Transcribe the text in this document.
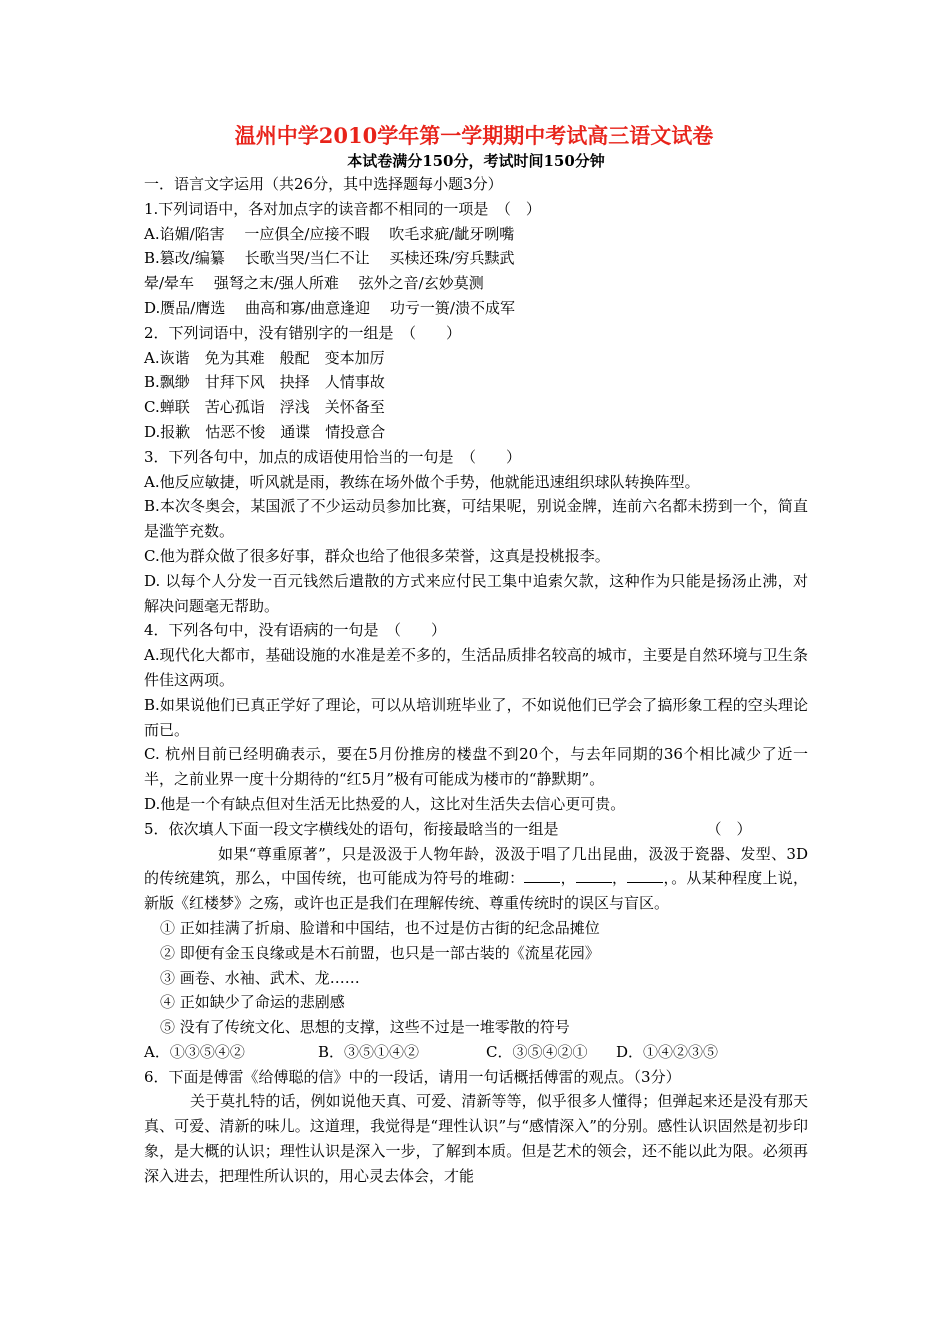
温州中学2010学年第一学期期中考试高三语文试卷
本试卷满分150分，考试时间150分钟
一．语言文字运用（共26分，其中选择题每小题3分）
1.下列词语中，各对加点字的读音都不相同的一项是　（　）
A.谄媚/陷害　 一应俱全/应接不暇　 吹毛求疵/龇牙咧嘴
B.篡改/编纂　 长歌当哭/当仁不让　 买椟还珠/穷兵黩武
晕/晕车　 强弩之末/强人所难　 弦外之音/玄妙莫测
D.赝品/膺选　 曲高和寡/曲意逢迎　 功亏一篑/溃不成军
2．下列词语中，没有错别字的一组是　（　　）
A.诙谐　免为其难　般配　变本加厉
B.飘缈　甘拜下风　抉择　人情事故
C.蝉联　苦心孤诣　浮浅　关怀备至
D.报歉　怙恶不悛　通谍　情投意合
3．下列各句中，加点的成语使用恰当的一句是　（　　）
A.他反应敏捷，听风就是雨，教练在场外做个手势，他就能迅速组织球队转换阵型。
B.本次冬奥会，某国派了不少运动员参加比赛，可结果呢，别说金牌，连前六名都未捞到一个，简直是滥竽充数。
C.他为群众做了很多好事，群众也给了他很多荣誉，这真是投桃报李。
D. 以每个人分发一百元钱然后遣散的方式来应付民工集中追索欠款，这种作为只能是扬汤止沸，对解决问题毫无帮助。
4．下列各句中，没有语病的一句是　（　　）
A.现代化大都市，基础设施的水准是差不多的，生活品质排名较高的城市，主要是自然环境与卫生条件佳这两项。
B.如果说他们已真正学好了理论，可以从培训班毕业了，不如说他们已学会了搞形象工程的空头理论而已。
C. 杭州目前已经明确表示，要在5月份推房的楼盘不到20个，与去年同期的36个相比减少了近一半，之前业界一度十分期待的“红5月”极有可能成为楼市的“静默期”。
D.他是一个有缺点但对生活无比热爱的人，这比对生活失去信心更可贵。
5．依次填人下面一段文字横线处的语句，衔接最晗当的一组是	（　）
如果“尊重原著”，只是汲汲于人物年龄，汲汲于唱了几出昆曲，汲汲于瓷器、发型、3D的传统建筑，那么，中国传统，也可能成为符号的堆砌： ， ， ，。从某种程度上说，新版《红楼梦》之殇，或许也正是我们在理解传统、尊重传统时的误区与盲区。
① 正如挂满了折扇、脸谱和中国结，也不过是仿古街的纪念品摊位
② 即便有金玉良缘或是木石前盟，也只是一部古装的《流星花园》
③ 画卷、水袖、武术、龙……
④ 正如缺少了命运的悲剧感
⑤ 没有了传统文化、思想的支撑，这些不过是一堆零散的符号
A．①③⑤④②	B．③⑤①④②	C．③⑤④②① D．①④②③⑤
6．下面是傅雷《给傅聪的信》中的一段话，请用一句话概括傅雷的观点。（3分）
关于莫扎特的话，例如说他天真、可爱、清新等等，似乎很多人懂得；但弹起来还是没有那天真、可爱、清新的味儿。这道理，我觉得是“理性认识”与“感情深入”的分别。感性认识固然是初步印象，是大概的认识；理性认识是深入一步，了解到本质。但是艺术的领会，还不能以此为限。必须再深入进去，把理性所认识的，用心灵去体会，才能
